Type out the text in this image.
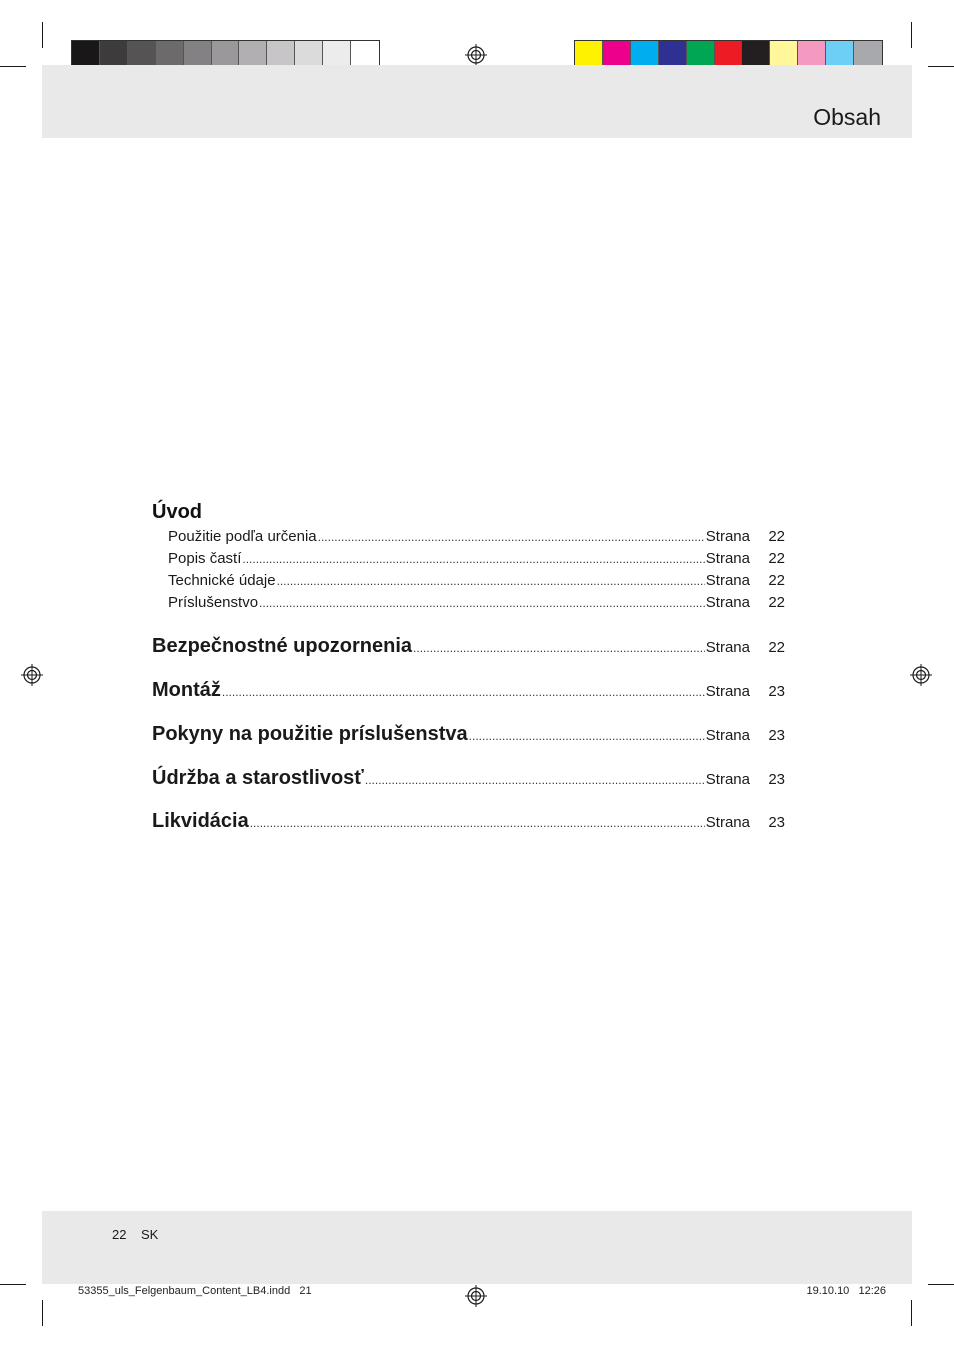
Obsah
Úvod
Použitie podľa určenia .....	Strana	22
Popis častí .....	Strana	22
Technické údaje .....	Strana	22
Príslušenstvo .....	Strana	22
Bezpečnostné upozornenia .....	Strana	22
Montáž .....	Strana	23
Pokyny na použitie príslušenstva .....	Strana	23
Údržba a starostlivosť .....	Strana	23
Likvidácia .....	Strana	23
22 SK
53355_uls_Felgenbaum_Content_LB4.indd   21	19.10.10   12:26
